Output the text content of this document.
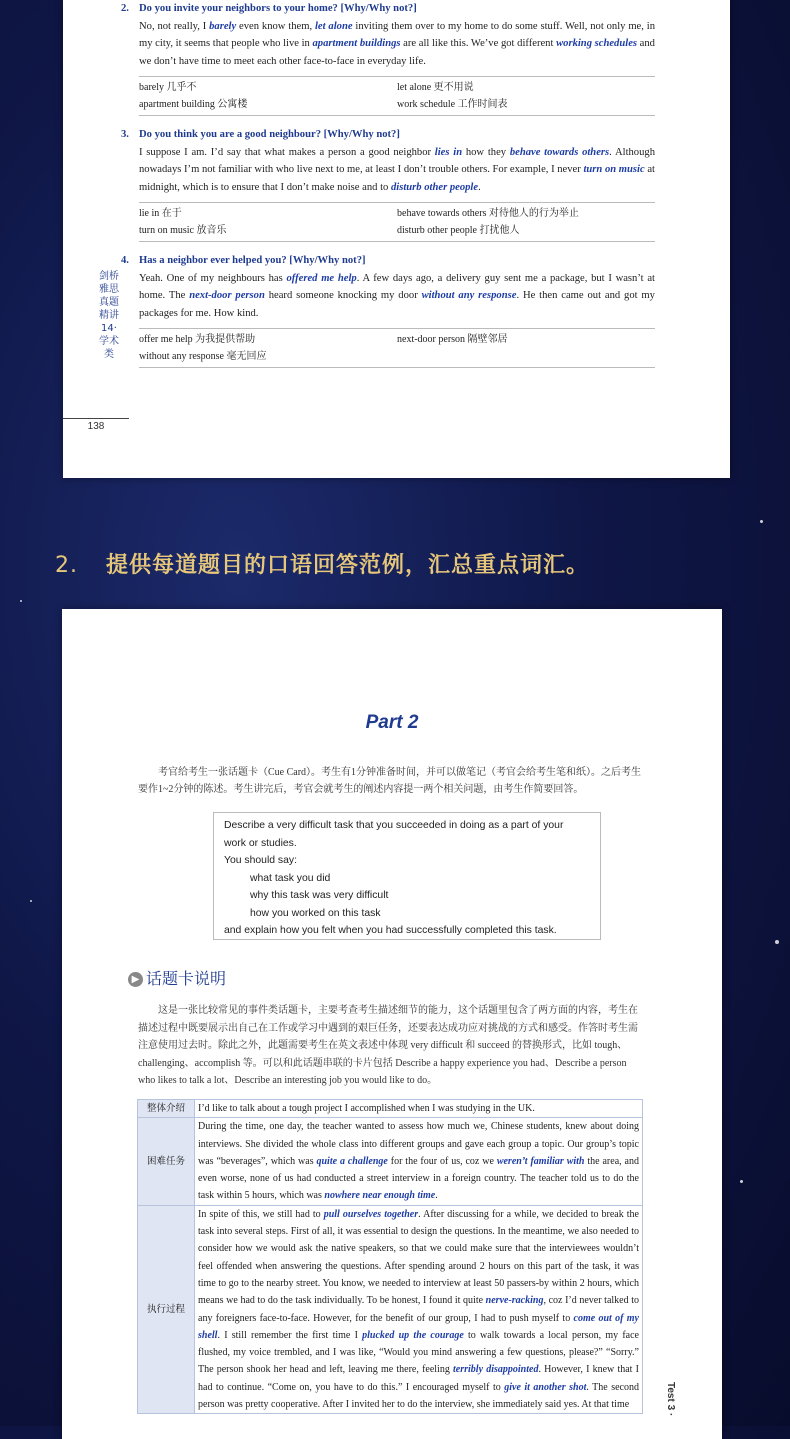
剑桥雅思真题精讲14·学术类
138
2. Do you invite your neighbors to your home? [Why/Why not?]
No, not really, I barely even know them, let alone inviting them over to my home to do some stuff. Well, not only me, in my city, it seems that people who live in apartment buildings are all like this. We’ve got different working schedules and we don’t have time to meet each other face-to-face in everyday life.
barely 几乎不	let alone 更不用说
apartment building 公寓楼	work schedule 工作时间表
3. Do you think you are a good neighbour? [Why/Why not?]
I suppose I am. I’d say that what makes a person a good neighbor lies in how they behave towards others. Although nowadays I’m not familiar with who live next to me, at least I don’t trouble others. For example, I never turn on music at midnight, which is to ensure that I don’t make noise and to disturb other people.
lie in 在于	behave towards others 对待他人的行为举止
turn on music 放音乐	disturb other people 打扰他人
4. Has a neighbor ever helped you? [Why/Why not?]
Yeah. One of my neighbours has offered me help. A few days ago, a delivery guy sent me a package, but I wasn’t at home. The next-door person heard someone knocking my door without any response. He then came out and got my packages for me. How kind.
offer me help 为我提供帮助	next-door person 隔壁邻居
without any response 毫无回应	
2. 提供每道题目的口语回答范例，汇总重点词汇。
Part 2
考官给考生一张话题卡（Cue Card）。考生有1分钟准备时间，并可以做笔记（考官会给考生笔和纸）。之后考生要作1~2分钟的陈述。考生讲完后，考官会就考生的阐述内容提一两个相关问题，由考生作简要回答。
Describe a very difficult task that you succeeded in doing as a part of your
work or studies.
You should say:
what task you did
why this task was very difficult
how you worked on this task
and explain how you felt when you had successfully completed this task.
▶ 话题卡说明
这是一张比较常见的事件类话题卡，主要考查考生描述细节的能力，这个话题里包含了两方面的内容，考生在描述过程中既要展示出自己在工作或学习中遇到的艰巨任务，还要表达成功应对挑战的方式和感受。作答时考生需注意使用过去时。除此之外，此题需要考生在英文表述中体现 very difficult 和 succeed 的替换形式，比如 tough、challenging、accomplish 等。可以和此话题串联的卡片包括 Describe a happy experience you had、Describe a person who likes to talk a lot、Describe an interesting job you would like to do。
整体介绍	I’d like to talk about a tough project I accomplished when I was studying in the UK.
困难任务	During the time, one day, the teacher wanted to assess how much we, Chinese students, knew about doing interviews. She divided the whole class into different groups and gave each group a topic. Our group’s topic was “beverages”, which was quite a challenge for the four of us, coz we weren’t familiar with the area, and even worse, none of us had conducted a street interview in a foreign country. The teacher told us to do the task within 5 hours, which was nowhere near enough time.
执行过程	In spite of this, we still had to pull ourselves together. After discussing for a while, we decided to break the task into several steps. First of all, it was essential to design the questions. In the meantime, we also needed to consider how we would ask the native speakers, so that we could make sure that the interviewees wouldn’t feel offended when answering the questions. After spending around 2 hours on this part of the task, it was time to go to the nearby street. You know, we needed to interview at least 50 passers-by within 2 hours, which means we had to do the task individually. To be honest, I found it quite nerve-racking, coz I’d never talked to any foreigners face-to-face. However, for the benefit of our group, I had to push myself to come out of my shell. I still remember the first time I plucked up the courage to walk towards a local person, my face flushed, my voice trembled, and I was like, “Would you mind answering a few questions, please?” “Sorry.” The person shook her head and left, leaving me there, feeling terribly disappointed. However, I knew that I had to continue. “Come on, you have to do this.” I encouraged myself to give it another shot. The second person was pretty cooperative. After I invited her to do the interview, she immediately said yes. At that time	Test 3 ·
